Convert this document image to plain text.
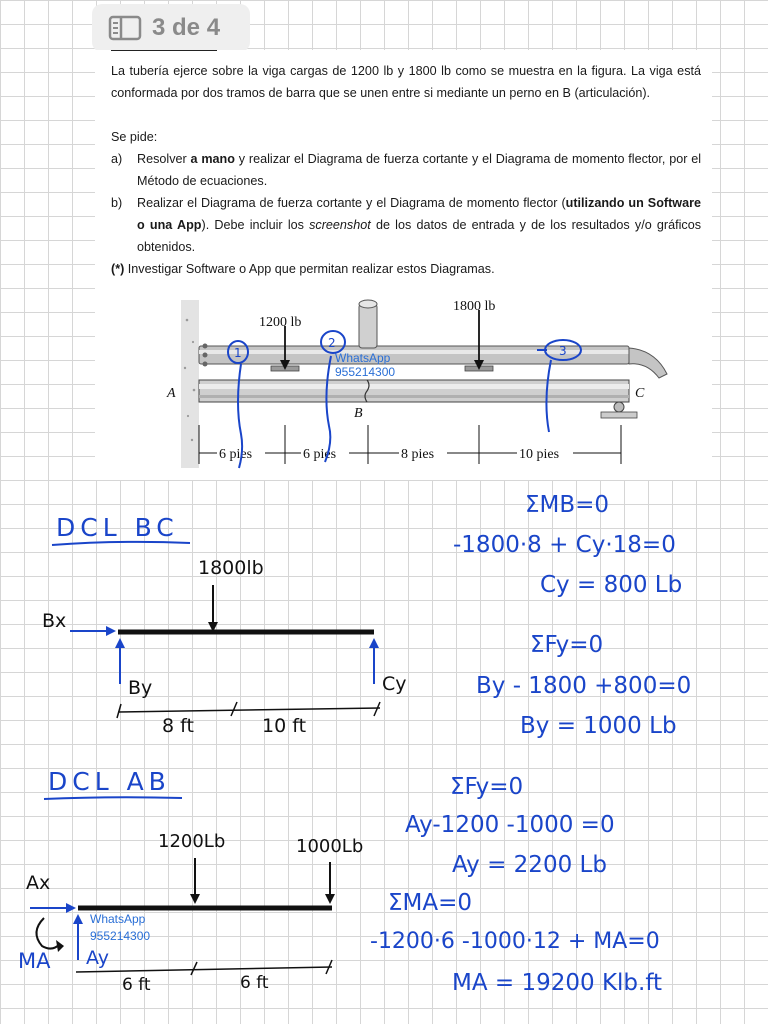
3 de 4

La tubería ejerce sobre la viga cargas de 1200 lb y 1800 lb como se muestra en la figura. La viga está conformada por dos tramos de barra que se unen entre si mediante un perno en B (articulación).

Se pide:

a) Resolver a mano y realizar el Diagrama de fuerza cortante y el Diagrama de momento flector, por el Método de ecuaciones.
b) Realizar el Diagrama de fuerza cortante y el Diagrama de momento flector (utilizando un Software o una App). Debe incluir los screenshot de los datos de entrada y de los resultados y/o gráficos obtenidos.

(*) Investigar Software o App que permitan realizar estos Diagramas.

1200 lb
1800 lb
B
A	C
6 pies	6 pies	8 pies	10 pies
1
2
3
WhatsApp
955214300
DCL BC
1800lb
Bx
By	Cy
8 ft	10 ft
ΣMB=0
-1800·8 + Cy·18=0
Cy = 800 Lb
ΣFy=0
By - 1800 +800=0
By = 1000 Lb
DCL AB
1200Lb	1000Lb
Ax
MA Ay
6 ft	6 ft
WhatsApp
955214300
ΣFy=0
Ay-1200 -1000 =0
Ay = 2200 Lb
ΣMA=0
-1200·6 -1000·12 + MA=0
MA = 19200 Klb.ft
